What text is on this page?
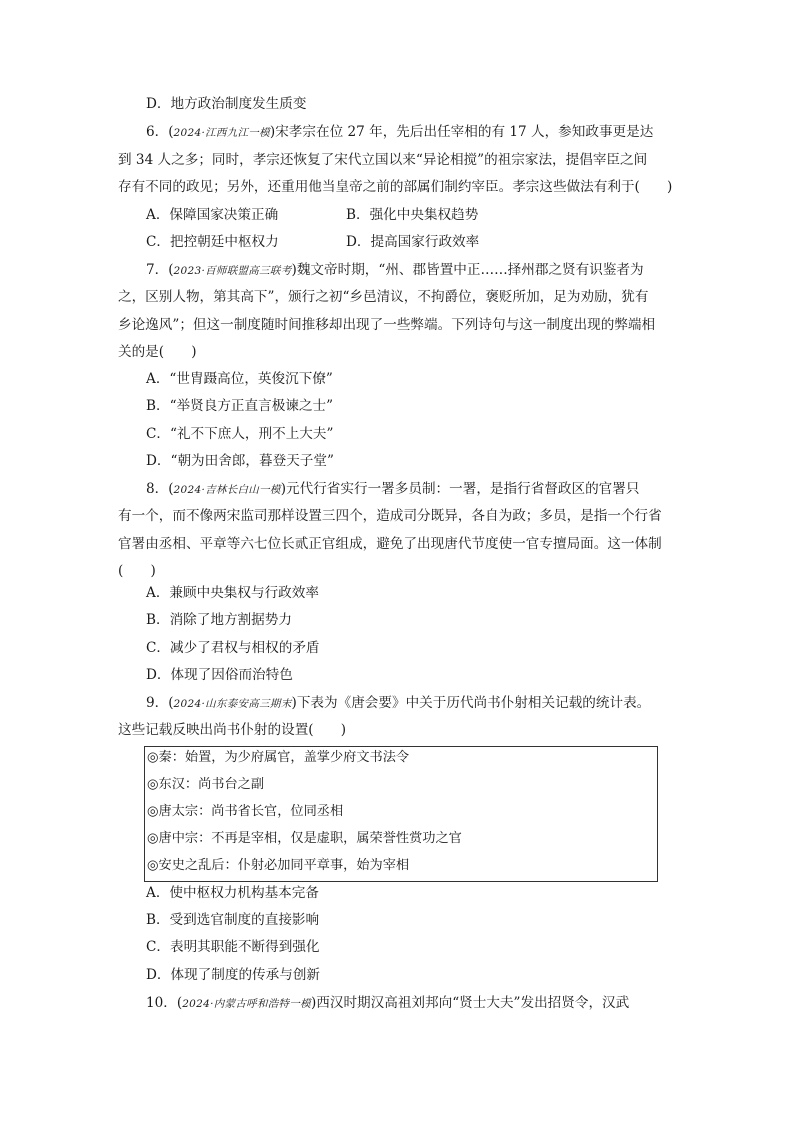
D．地方政治制度发生质变
6．(2024·江西九江一模)宋孝宗在位 27 年，先后出任宰相的有 17 人，参知政事更是达
到 34 人之多；同时，孝宗还恢复了宋代立国以来“异论相搅”的祖宗家法，提倡宰臣之间
存有不同的政见；另外，还重用他当皇帝之前的部属们制约宰臣。孝宗这些做法有利于(　　)
A．保障国家决策正确	B．强化中央集权趋势
C．把控朝廷中枢权力	D．提高国家行政效率
7．(2023·百师联盟高三联考)魏文帝时期，“州、郡皆置中正……择州郡之贤有识鉴者为
之，区别人物，第其高下”，颁行之初“乡邑清议，不拘爵位，褒贬所加，足为劝励，犹有
乡论逸风”；但这一制度随时间推移却出现了一些弊端。下列诗句与这一制度出现的弊端相
关的是(　　)
A．“世胄蹑高位，英俊沉下僚”
B．“举贤良方正直言极谏之士”
C．“礼不下庶人，刑不上大夫”
D．“朝为田舍郎，暮登天子堂”
8．(2024·吉林长白山一模)元代行省实行一署多员制：一署，是指行省督政区的官署只
有一个，而不像两宋监司那样设置三四个，造成司分既异，各自为政；多员，是指一个行省
官署由丞相、平章等六七位长贰正官组成，避免了出现唐代节度使一官专擅局面。这一体制
(　　)
A．兼顾中央集权与行政效率
B．消除了地方割据势力
C．减少了君权与相权的矛盾
D．体现了因俗而治特色
9．(2024·山东泰安高三期末)下表为《唐会要》中关于历代尚书仆射相关记载的统计表。
这些记载反映出尚书仆射的设置(　　)
◎秦：始置，为少府属官，盖掌少府文书法令
◎东汉：尚书台之副
◎唐太宗：尚书省长官，位同丞相
◎唐中宗：不再是宰相，仅是虚职，属荣誉性赏功之官
◎安史之乱后：仆射必加同平章事，始为宰相
A．使中枢权力机构基本完备
B．受到选官制度的直接影响
C．表明其职能不断得到强化
D．体现了制度的传承与创新
10．(2024·内蒙古呼和浩特一模)西汉时期汉高祖刘邦向“贤士大夫”发出招贤令，汉武
